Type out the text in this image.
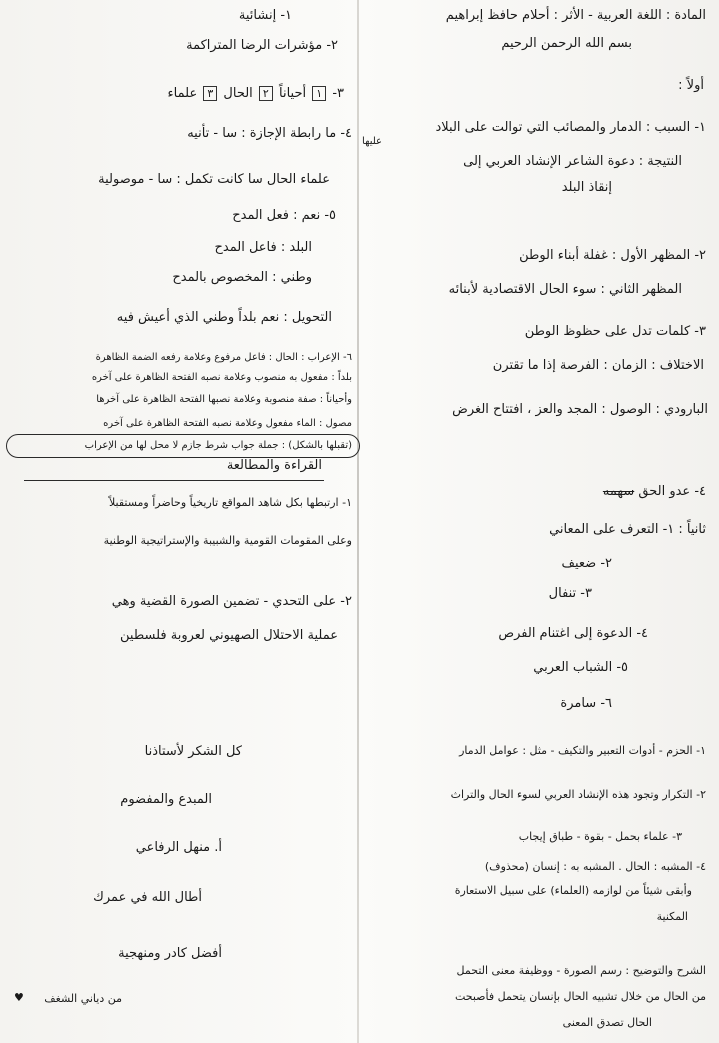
المادة : اللغة العربية - الأثر : أحلام حافظ إبراهيم
بسم الله الرحمن الرحيم
أولاً :
١- السبب : الدمار والمصائب التي توالت على البلاد
عليها
النتيجة : دعوة الشاعر الإنشاد العربي إلى
إنقاذ البلد
٢- المظهر الأول : غفلة أبناء الوطن
المظهر الثاني : سوء الحال الاقتصادية لأبنائه
٣- كلمات تدل على حظوظ الوطن
الاختلاف : الزمان : الفرصة إذا ما تقترن
البارودي : الوصول : المجد والعز ، افتتاح الغرض
٤- عدو الحق سهمه
ثانياً : ١- التعرف على المعاني
٢- ضعيف
٣- تنفال
٤- الدعوة إلى اغتنام الفرص
٥- الشباب العربي
٦- سامرة
١- الحزم - أدوات التعبير والتكيف - مثل : عوامل الدمار
٢- التكرار وتجود هذه الإنشاد العربي لسوء الحال والتراث
٣- علماء بحمل - بقوة - طباق إيجاب
٤- المشبه : الحال . المشبه به : إنسان (محذوف)
وأبقى شيئاً من لوازمه (العلماء) على سبيل الاستعارة
المكنية
الشرح والتوضيح : رسم الصورة - ووظيفة معنى التحمل
من الحال من خلال تشبيه الحال بإنسان يتحمل فأصبحت
الحال تصدق المعنى
١- إنشائية
٢- مؤشرات الرضا المتراكمة
٣- ١ أحياناً ٢ الحال ٣ علماء
٤- ما رابطة الإجازة : سا - تأنيه
علماء الحال سا كانت تكمل : سا - موصولية
٥- نعم : فعل المدح
البلد : فاعل المدح
وطني : المخصوص بالمدح
التحويل : نعم بلداً وطني الذي أعيش فيه
٦- الإعراب : الحال : فاعل مرفوع وعلامة رفعه الضمة الظاهرة
بلداً : مفعول به منصوب وعلامة نصبه الفتحة الظاهرة على آخره
وأحياناً : صفة منصوبة وعلامة نصبها الفتحة الظاهرة على آخرها
مصول : الماء مفعول وعلامة نصبه الفتحة الظاهرة على آخره
(تقبلها بالشكل) : جملة جواب شرط جازم لا محل لها من الإعراب
القراءة والمطالعة
١- ارتبطها بكل شاهد المواقع تاريخياً وحاضراً ومستقبلاً
وعلى المقومات القومية والشبيبة والإستراتيجية الوطنية
٢- على التحدي - تضمين الصورة القضية وهي
عملية الاحتلال الصهيوني لعروبة فلسطين
كل الشكر لأستاذنا
المبدع والمفضوم
أ. منهل الرفاعي
أطال الله في عمرك
أفضل كادر ومنهجية
من دياني الشغف
♥
